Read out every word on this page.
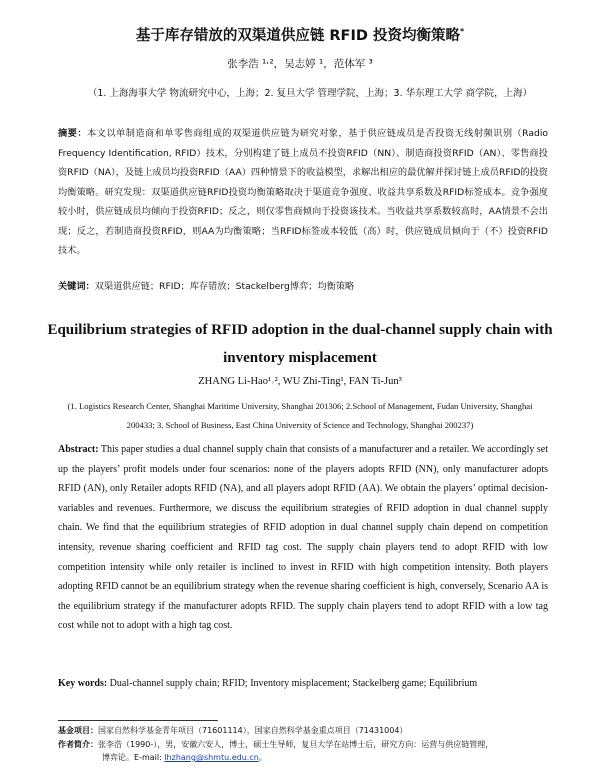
基于库存错放的双渠道供应链 RFID 投资均衡策略*
张李浩 ¹˒²，吴志婷 ¹，范体军 ³
（1. 上海海事大学 物流研究中心，上海；2. 复旦大学 管理学院，上海；3. 华东理工大学 商学院，上海）
摘要：本文以单制造商和单零售商组成的双渠道供应链为研究对象，基于供应链成员是否投资无线射频识别（Radio Frequency Identification, RFID）技术，分别构建了链上成员不投资RFID（NN）、制造商投资RFID（AN）、零售商投资RFID（NA），及链上成员均投资RFID（AA）四种情景下的收益模型，求解出相应的最优解并探讨链上成员RFID的投资均衡策略。研究发现：双渠道供应链RFID投资均衡策略取决于渠道竞争强度、收益共享系数及RFID标签成本。竞争强度较小时，供应链成员均倾向于投资RFID；反之，则仅零售商倾向于投资该技术。当收益共享系数较高时，AA情景不会出现；反之，若制造商投资RFID，则AA为均衡策略；当RFID标签成本较低（高）时，供应链成员倾向于（不）投资RFID技术。
关键词：双渠道供应链；RFID；库存错放；Stackelberg博弈；均衡策略
Equilibrium strategies of RFID adoption in the dual-channel supply chain with inventory misplacement
ZHANG Li-Hao¹˒², WU Zhi-Ting¹, FAN Ti-Jun³
(1. Logistics Research Center, Shanghai Maritime University, Shanghai 201306; 2.School of Management, Fudan University, Shanghai 200433; 3. School of Business, East China University of Science and Technology, Shanghai 200237)
Abstract: This paper studies a dual channel supply chain that consists of a manufacturer and a retailer. We accordingly set up the players’ profit models under four scenarios: none of the players adopts RFID (NN), only manufacturer adopts RFID (AN), only Retailer adopts RFID (NA), and all players adopt RFID (AA). We obtain the players’ optimal decision-variables and revenues. Furthermore, we discuss the equilibrium strategies of RFID adoption in dual channel supply chain. We find that the equilibrium strategies of RFID adoption in dual channel supply chain depend on competition intensity, revenue sharing coefficient and RFID tag cost. The supply chain players tend to adopt RFID with low competition intensity while only retailer is inclined to invest in RFID with high competition intensity. Both players adopting RFID cannot be an equilibrium strategy when the revenue sharing coefficient is high, conversely, Scenario AA is the equilibrium strategy if the manufacturer adopts RFID. The supply chain players tend to adopt RFID with a low tag cost while not to adopt with a high tag cost.
Key words: Dual-channel supply chain; RFID; Inventory misplacement; Stackelberg game; Equilibrium
基金项目：国家自然科学基金青年项目（71601114），国家自然科学基金重点项目（71431004）
作者简介：张李浩（1990-），男，安徽六安人，博士，硕士生导师，复旦大学在站博士后，研究方向：运营与供应链管理，
博弈论。E-mail: lhzhang@shmtu.edu.cn。
